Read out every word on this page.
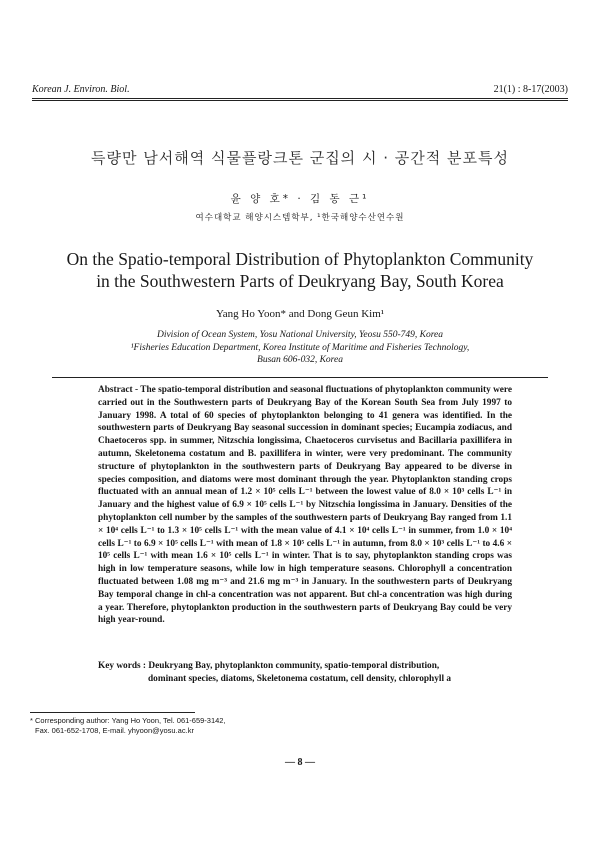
Korean J. Environ. Biol.	21(1) : 8-17(2003)
득량만 남서해역 식물플랑크톤 군집의 시 · 공간적 분포특성
윤 양 호* · 김 동 근¹
여수대학교 해양시스템학부, ¹한국해양수산연수원
On the Spatio-temporal Distribution of Phytoplankton Community
in the Southwestern Parts of Deukryang Bay, South Korea
Yang Ho Yoon* and Dong Geun Kim¹
Division of Ocean System, Yosu National University, Yeosu 550-749, Korea
¹Fisheries Education Department, Korea Institute of Maritime and Fisheries Technology,
Busan 606-032, Korea

Abstract - The spatio-temporal distribution and seasonal fluctuations of phytoplankton community were carried out in the Southwestern parts of Deukryang Bay of the Korean South Sea from July 1997 to January 1998. A total of 60 species of phytoplankton belonging to 41 genera was identified. In the southwestern parts of Deukryang Bay seasonal succession in dominant species; Eucampia zodiacus, and Chaetoceros spp. in summer, Nitzschia longissima, Chaetoceros curvisetus and Bacillaria paxillifera in autumn, Skeletonema costatum and B. paxillifera in winter, were very predominant. The community structure of phytoplankton in the southwestern parts of Deukryang Bay appeared to be diverse in species composition, and diatoms were most dominant through the year. Phytoplankton standing crops fluctuated with an annual mean of 1.2 × 10⁵ cells L⁻¹ between the lowest value of 8.0 × 10³ cells L⁻¹ in January and the highest value of 6.9 × 10⁵ cells L⁻¹ by Nitzschia longissima in January. Densities of the phytoplankton cell number by the samples of the southwestern parts of Deukryang Bay ranged from 1.1 × 10⁴ cells L⁻¹ to 1.3 × 10⁵ cells L⁻¹ with the mean value of 4.1 × 10⁴ cells L⁻¹ in summer, from 1.0 × 10⁴ cells L⁻¹ to 6.9 × 10⁵ cells L⁻¹ with mean of 1.8 × 10⁵ cells L⁻¹ in autumn, from 8.0 × 10³ cells L⁻¹ to 4.6 × 10⁵ cells L⁻¹ with mean 1.6 × 10⁵ cells L⁻¹ in winter. That is to say, phytoplankton standing crops was high in low temperature seasons, while low in high temperature seasons. Chlorophyll a concentration fluctuated between 1.08 mg m⁻³ and 21.6 mg m⁻³ in January. In the southwestern parts of Deukryang Bay temporal change in chl-a concentration was not apparent. But chl-a concentration was high during a year. Therefore, phytoplankton production in the southwestern parts of Deukryang Bay could be very high year-round.

Key words : Deukryang Bay, phytoplankton community, spatio-temporal distribution,
dominant species, diatoms, Skeletonema costatum, cell density, chlorophyll a
* Corresponding author: Yang Ho Yoon, Tel. 061-659-3142,
Fax. 061-652-1708, E-mail. yhyoon@yosu.ac.kr
— 8 —
